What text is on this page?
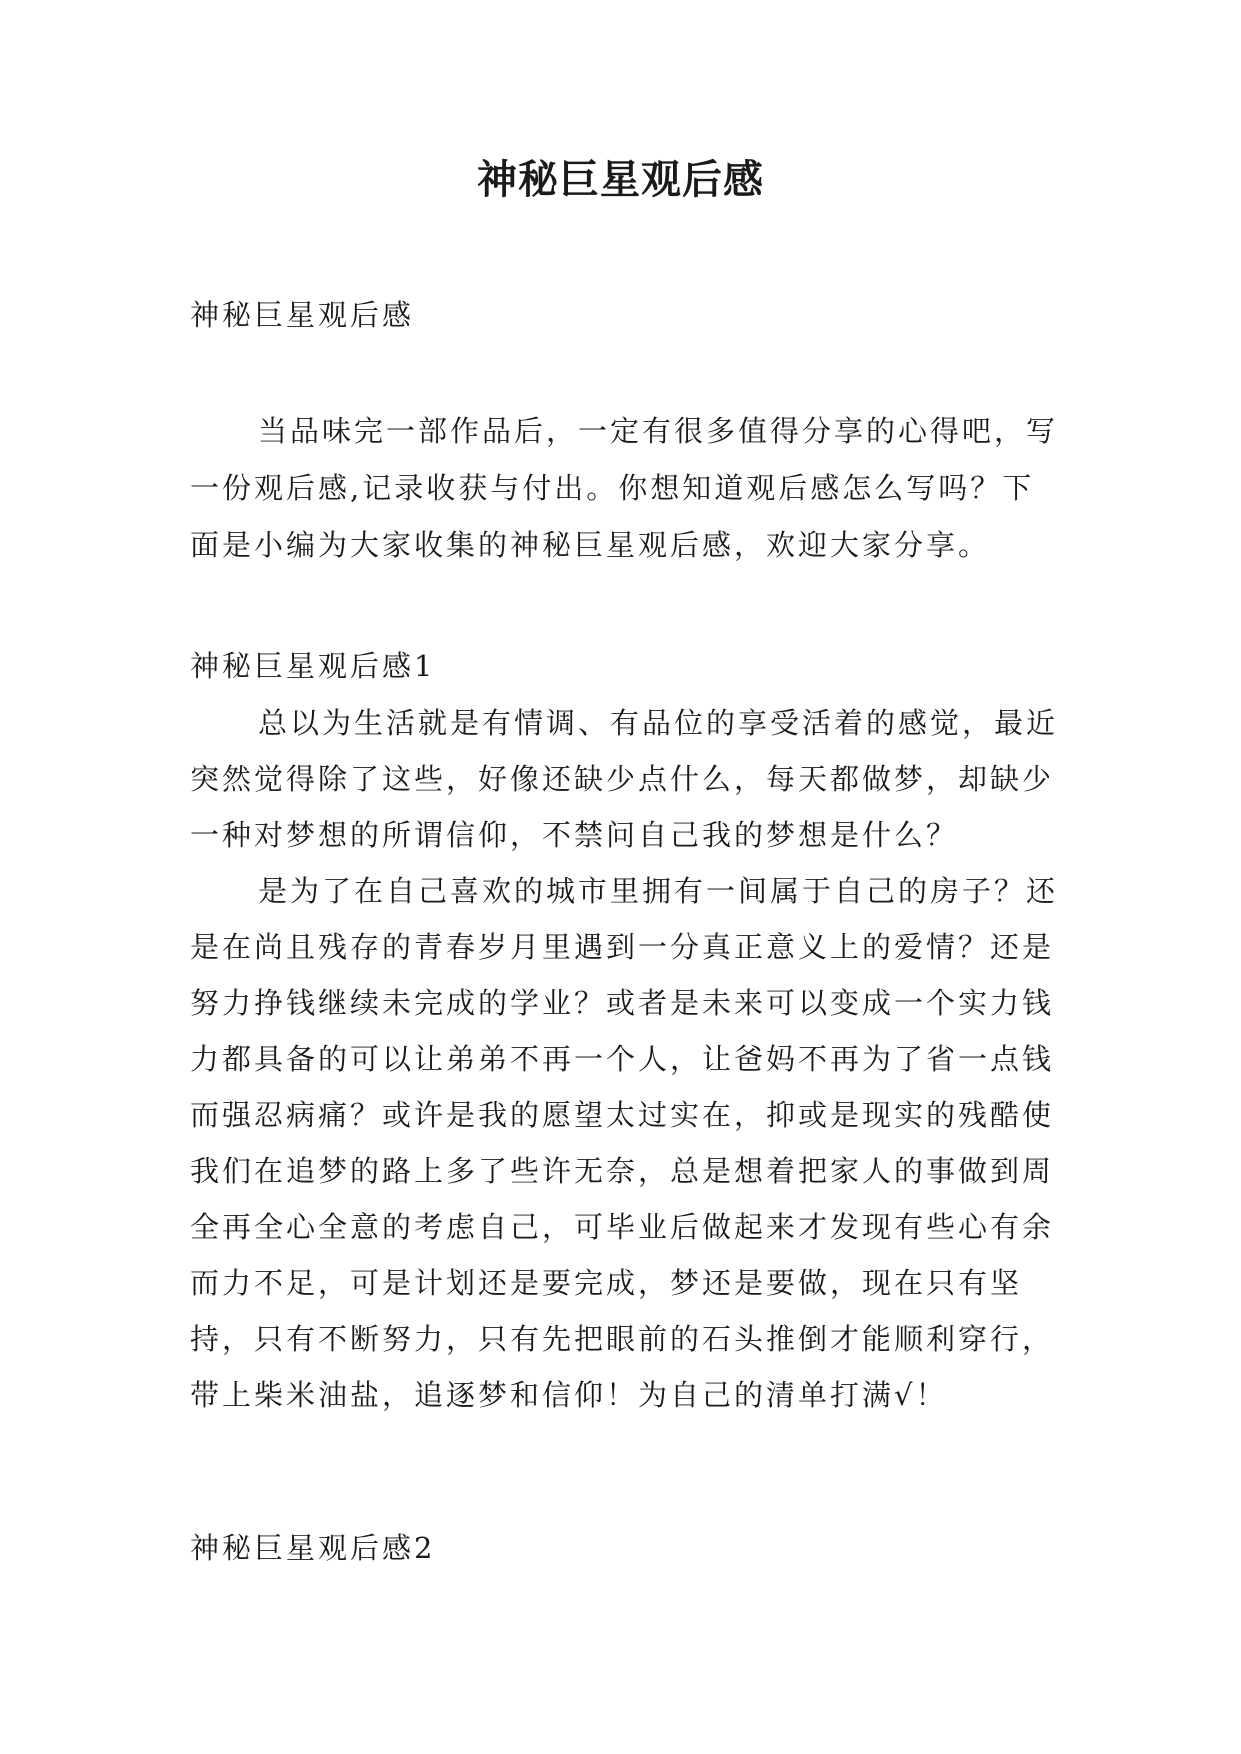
神秘巨星观后感

神秘巨星观后感

当品味完一部作品后，一定有很多值得分享的心得吧，写一份观后感,记录收获与付出。你想知道观后感怎么写吗？下面是小编为大家收集的神秘巨星观后感，欢迎大家分享。

神秘巨星观后感1

总以为生活就是有情调、有品位的享受活着的感觉，最近突然觉得除了这些，好像还缺少点什么，每天都做梦，却缺少一种对梦想的所谓信仰，不禁问自己我的梦想是什么？

是为了在自己喜欢的城市里拥有一间属于自己的房子？还是在尚且残存的青春岁月里遇到一分真正意义上的爱情？还是努力挣钱继续未完成的学业？或者是未来可以变成一个实力钱力都具备的可以让弟弟不再一个人，让爸妈不再为了省一点钱而强忍病痛？或许是我的愿望太过实在，抑或是现实的残酷使我们在追梦的路上多了些许无奈，总是想着把家人的事做到周全再全心全意的考虑自己，可毕业后做起来才发现有些心有余而力不足，可是计划还是要完成，梦还是要做，现在只有坚持，只有不断努力，只有先把眼前的石头推倒才能顺利穿行，带上柴米油盐，追逐梦和信仰！为自己的清单打满√！

神秘巨星观后感2
